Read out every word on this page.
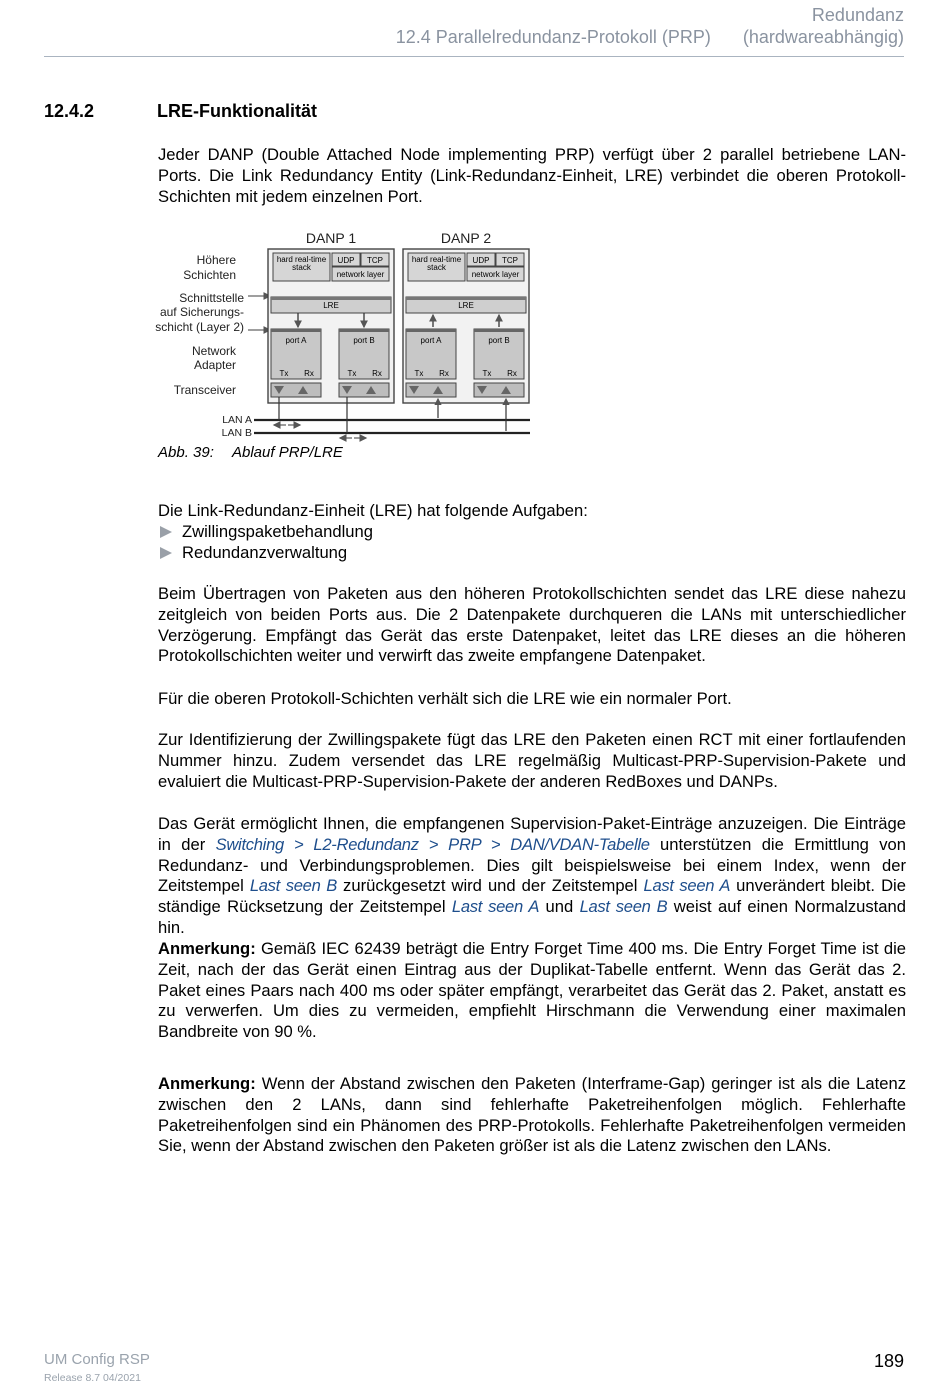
Redundanz
12.4 Parallelredundanz-Protokoll (PRP) (hardwareabhängig)
12.4.2	LRE-Funktionalität
Jeder DANP (Double Attached Node implementing PRP) verfügt über 2 parallel betriebene LAN-Ports. Die Link Redundancy Entity (Link-Redundanz-Einheit, LRE) verbindet die oberen Protokoll-Schichten mit jedem einzelnen Port.
Höhere
Schichten
Schnittstelle
auf Sicherungs-
schicht (Layer 2)
Network
Adapter
Transceiver
LAN A
LAN B
DANP 1
hard real-time
stack
UDP TCP
network layer
LRE
port A
Tx Rx
port B
Tx Rx
DANP 2
hard real-time
stack
UDP TCP
network layer
LRE
port A
Tx Rx
port B
Tx Rx
Abb. 39: Ablauf PRP/LRE
Die Link-Redundanz-Einheit (LRE) hat folgende Aufgaben:
Zwillingspaketbehandlung
Redundanzverwaltung
Beim Übertragen von Paketen aus den höheren Protokollschichten sendet das LRE diese nahezu zeitgleich von beiden Ports aus. Die 2 Datenpakete durchqueren die LANs mit unterschiedlicher Verzögerung. Empfängt das Gerät das erste Datenpaket, leitet das LRE dieses an die höheren Protokollschichten weiter und verwirft das zweite empfangene Datenpaket.
Für die oberen Protokoll-Schichten verhält sich die LRE wie ein normaler Port.
Zur Identifizierung der Zwillingspakete fügt das LRE den Paketen einen RCT mit einer fortlaufenden Nummer hinzu. Zudem versendet das LRE regelmäßig Multicast-PRP-Supervision-Pakete und evaluiert die Multicast-PRP-Supervision-Pakete der anderen RedBoxes und DANPs.
Das Gerät ermöglicht Ihnen, die empfangenen Supervision-Paket-Einträge anzuzeigen. Die Einträge in der Switching > L2-Redundanz > PRP > DAN/VDAN-Tabelle unterstützen die Ermittlung von Redundanz- und Verbindungsproblemen. Dies gilt beispielsweise bei einem Index, wenn der Zeitstempel Last seen B zurückgesetzt wird und der Zeitstempel Last seen A unverändert bleibt. Die ständige Rücksetzung der Zeitstempel Last seen A und Last seen B weist auf einen Normalzustand hin.
Anmerkung: Gemäß IEC 62439 beträgt die Entry Forget Time 400 ms. Die Entry Forget Time ist die Zeit, nach der das Gerät einen Eintrag aus der Duplikat-Tabelle entfernt. Wenn das Gerät das 2. Paket eines Paars nach 400 ms oder später empfängt, verarbeitet das Gerät das 2. Paket, anstatt es zu verwerfen. Um dies zu vermeiden, empfiehlt Hirschmann die Verwendung einer maximalen Bandbreite von 90 %.
Anmerkung: Wenn der Abstand zwischen den Paketen (Interframe-Gap) geringer ist als die Latenz zwischen den 2 LANs, dann sind fehlerhafte Paketreihenfolgen möglich. Fehlerhafte Paketreihenfolgen sind ein Phänomen des PRP-Protokolls. Fehlerhafte Paketreihenfolgen vermeiden Sie, wenn der Abstand zwischen den Paketen größer ist als die Latenz zwischen den LANs.
UM Config RSP
Release 8.7 04/2021
189
